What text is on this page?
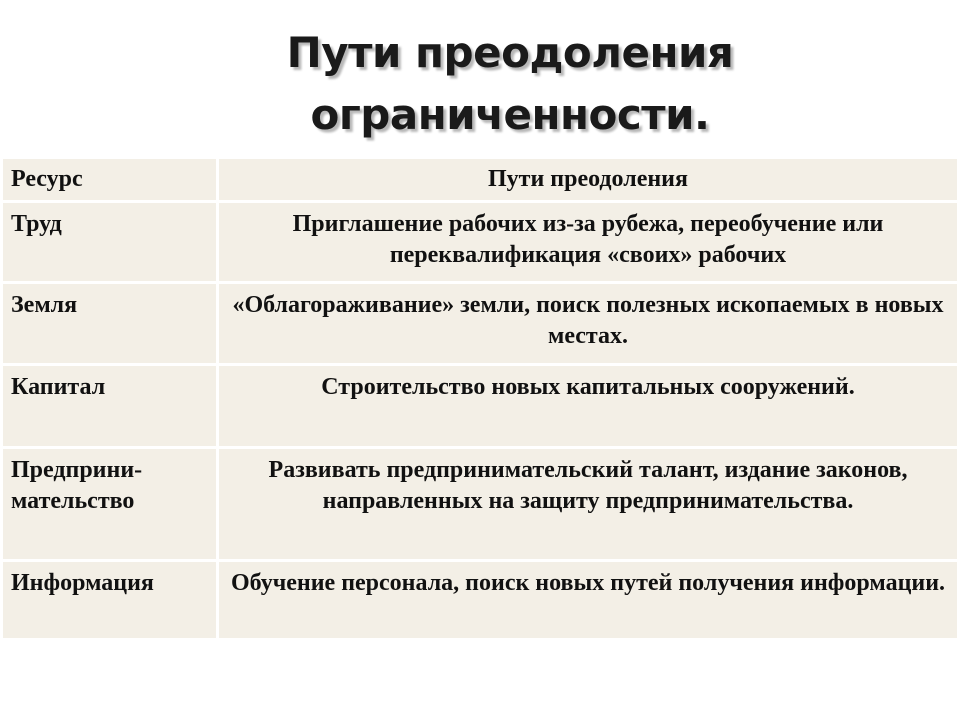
Пути преодоления
ограниченности.
Ресурс	Пути преодоления
Труд	Приглашение рабочих из-за рубежа, переобучение или переквалификация «своих» рабочих
Земля	«Облагораживание» земли, поиск полезных ископаемых в новых местах.
Капитал	Строительство новых капитальных сооружений.
Предприни-мательство	Развивать предпринимательский талант, издание законов, направленных на защиту предпринимательства.
Информация	Обучение персонала, поиск новых путей получения информации.
